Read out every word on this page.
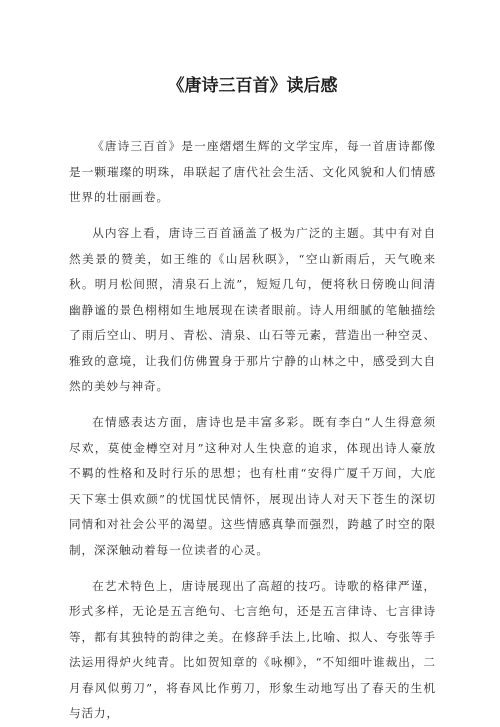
《唐诗三百首》读后感

《唐诗三百首》是一座熠熠生辉的文学宝库，每一首唐诗都像是一颗璀璨的明珠，串联起了唐代社会生活、文化风貌和人们情感世界的壮丽画卷。

从内容上看，唐诗三百首涵盖了极为广泛的主题。其中有对自然美景的赞美，如王维的《山居秋暝》，“空山新雨后，天气晚来秋。明月松间照，清泉石上流”，短短几句，便将秋日傍晚山间清幽静谧的景色栩栩如生地展现在读者眼前。诗人用细腻的笔触描绘了雨后空山、明月、青松、清泉、山石等元素，营造出一种空灵、雅致的意境，让我们仿佛置身于那片宁静的山林之中，感受到大自然的美妙与神奇。

在情感表达方面，唐诗也是丰富多彩。既有李白“人生得意须尽欢，莫使金樽空对月”这种对人生快意的追求，体现出诗人豪放不羁的性格和及时行乐的思想；也有杜甫“安得广厦千万间，大庇天下寒士俱欢颜”的忧国忧民情怀，展现出诗人对天下苍生的深切同情和对社会公平的渴望。这些情感真挚而强烈，跨越了时空的限制，深深触动着每一位读者的心灵。

在艺术特色上，唐诗展现出了高超的技巧。诗歌的格律严谨，形式多样，无论是五言绝句、七言绝句，还是五言律诗、七言律诗等，都有其独特的韵律之美。在修辞手法上,比喻、拟人、夸张等手法运用得炉火纯青。比如贺知章的《咏柳》，“不知细叶谁裁出，二月春风似剪刀”，将春风比作剪刀，形象生动地写出了春天的生机与活力，
